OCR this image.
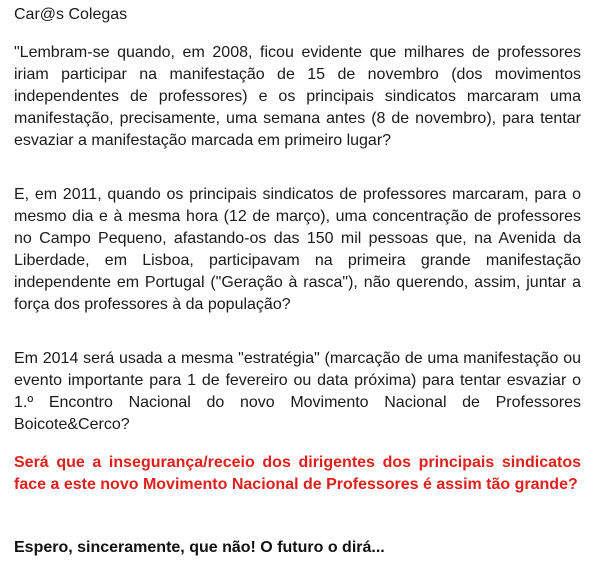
Car@s Colegas

"Lembram-se quando, em 2008, ficou evidente que milhares de professores iriam participar na manifestação de 15 de novembro (dos movimentos independentes de professores) e os principais sindicatos marcaram uma manifestação, precisamente, uma semana antes (8 de novembro), para tentar esvaziar a manifestação marcada em primeiro lugar?

E, em 2011, quando os principais sindicatos de professores marcaram, para o mesmo dia e à mesma hora (12 de março), uma concentração de professores no Campo Pequeno, afastando-os das 150 mil pessoas que, na Avenida da Liberdade, em Lisboa, participavam na primeira grande manifestação independente em Portugal ("Geração à rasca"), não querendo, assim, juntar a força dos professores à da população?

Em 2014 será usada a mesma "estratégia" (marcação de uma manifestação ou evento importante para 1 de fevereiro ou data próxima) para tentar esvaziar o 1.º Encontro Nacional do novo Movimento Nacional de Professores Boicote&Cerco?

Será que a insegurança/receio dos dirigentes dos principais sindicatos face a este novo Movimento Nacional de Professores é assim tão grande?

Espero, sinceramente, que não! O futuro o dirá...
